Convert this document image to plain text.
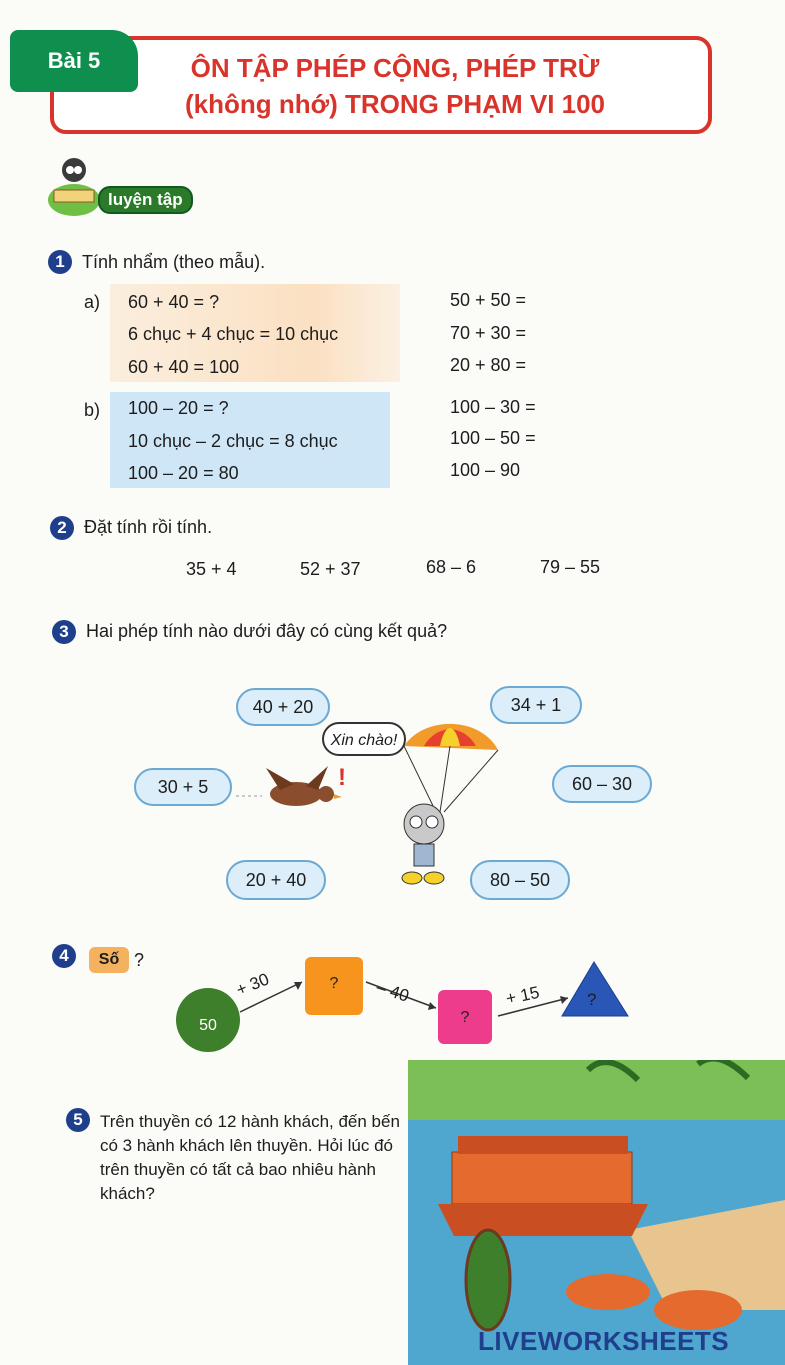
ÔN TẬP PHÉP CỘNG, PHÉP TRỪ
(không nhớ) TRONG PHẠM VI 100
Bài 5
luyện tập
1 Tính nhẩm (theo mẫu).
a) 60 + 40 = ?
6 chục + 4 chục = 10 chục
60 + 40 = 100
50 + 50 =
70 + 30 =
20 + 80 =
b) 100 – 20 = ?
10 chục – 2 chục = 8 chục
100 – 20 = 80
100 – 30 =
100 – 50 =
100 – 90
2 Đặt tính rồi tính.
35 + 4	52 + 37	68 – 6	79 – 55
3 Hai phép tính nào dưới đây có cùng kết quả?
40 + 20	34 + 1
30 + 5	60 – 30
20 + 40	80 – 50
!
Xin chào!
4	Số ?
50
+ 30	?	– 40
?
?
+ 15
5	Trên thuyền có 12 hành khách, đến bến có 3 hành khách lên thuyền. Hỏi lúc đó trên thuyền có tất cả bao nhiêu hành khách?
LIVEWORKSHEETS
